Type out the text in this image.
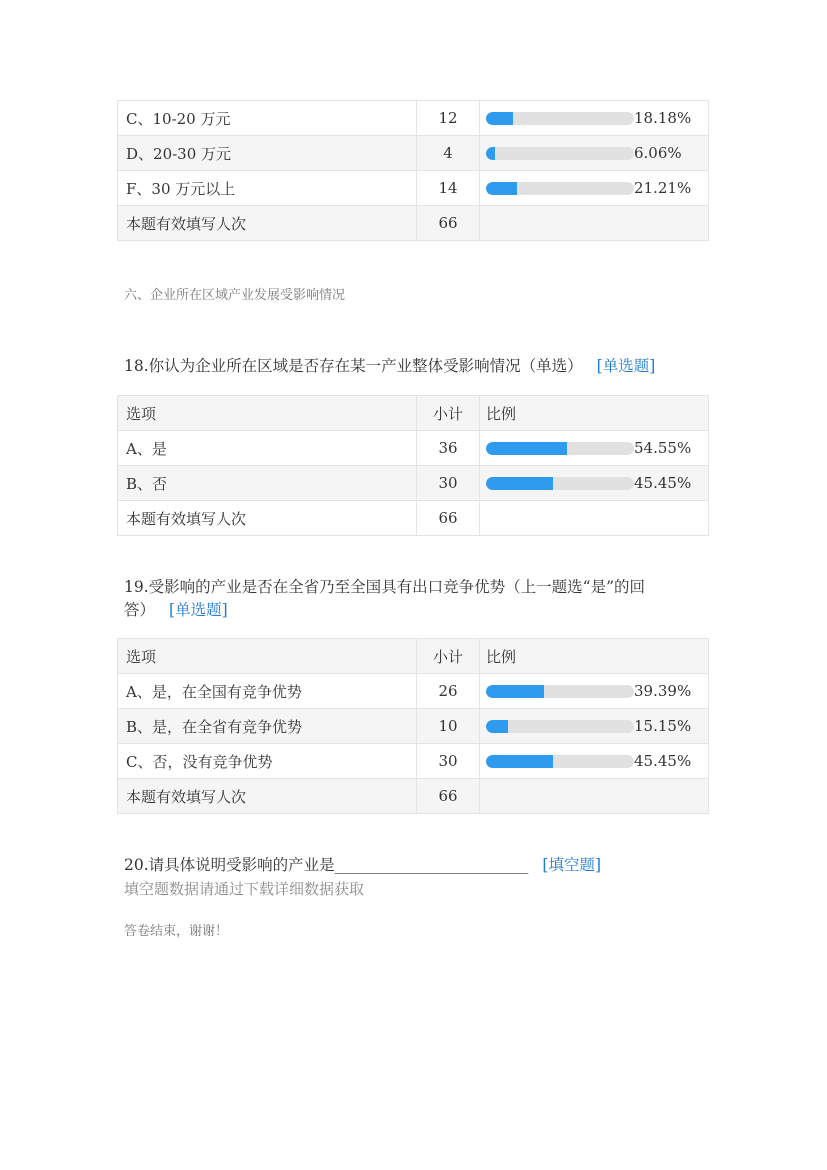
C、10-20 万元	12	18.18%

D、20-30 万元	4	6.06%

F、30 万元以上	14	21.21%

本题有效填写人次	66	
六、企业所在区域产业发展受影响情况
18.你认为企业所在区域是否存在某一产业整体受影响情况（单选） [单选题]
选项	小计	比例
A、是	36	54.55%

B、否	30	45.45%

本题有效填写人次	66	
19.受影响的产业是否在全省乃至全国具有出口竞争优势（上一题选“是”的回
答） [单选题]
选项	小计	比例
A、是，在全国有竞争优势	26	39.39%

B、是，在全省有竞争优势	10	15.15%

C、否，没有竞争优势	30	45.45%

本题有效填写人次	66	
20.请具体说明受影响的产业是_________________________ [填空题]
填空题数据请通过下载详细数据获取
答卷结束，谢谢！
